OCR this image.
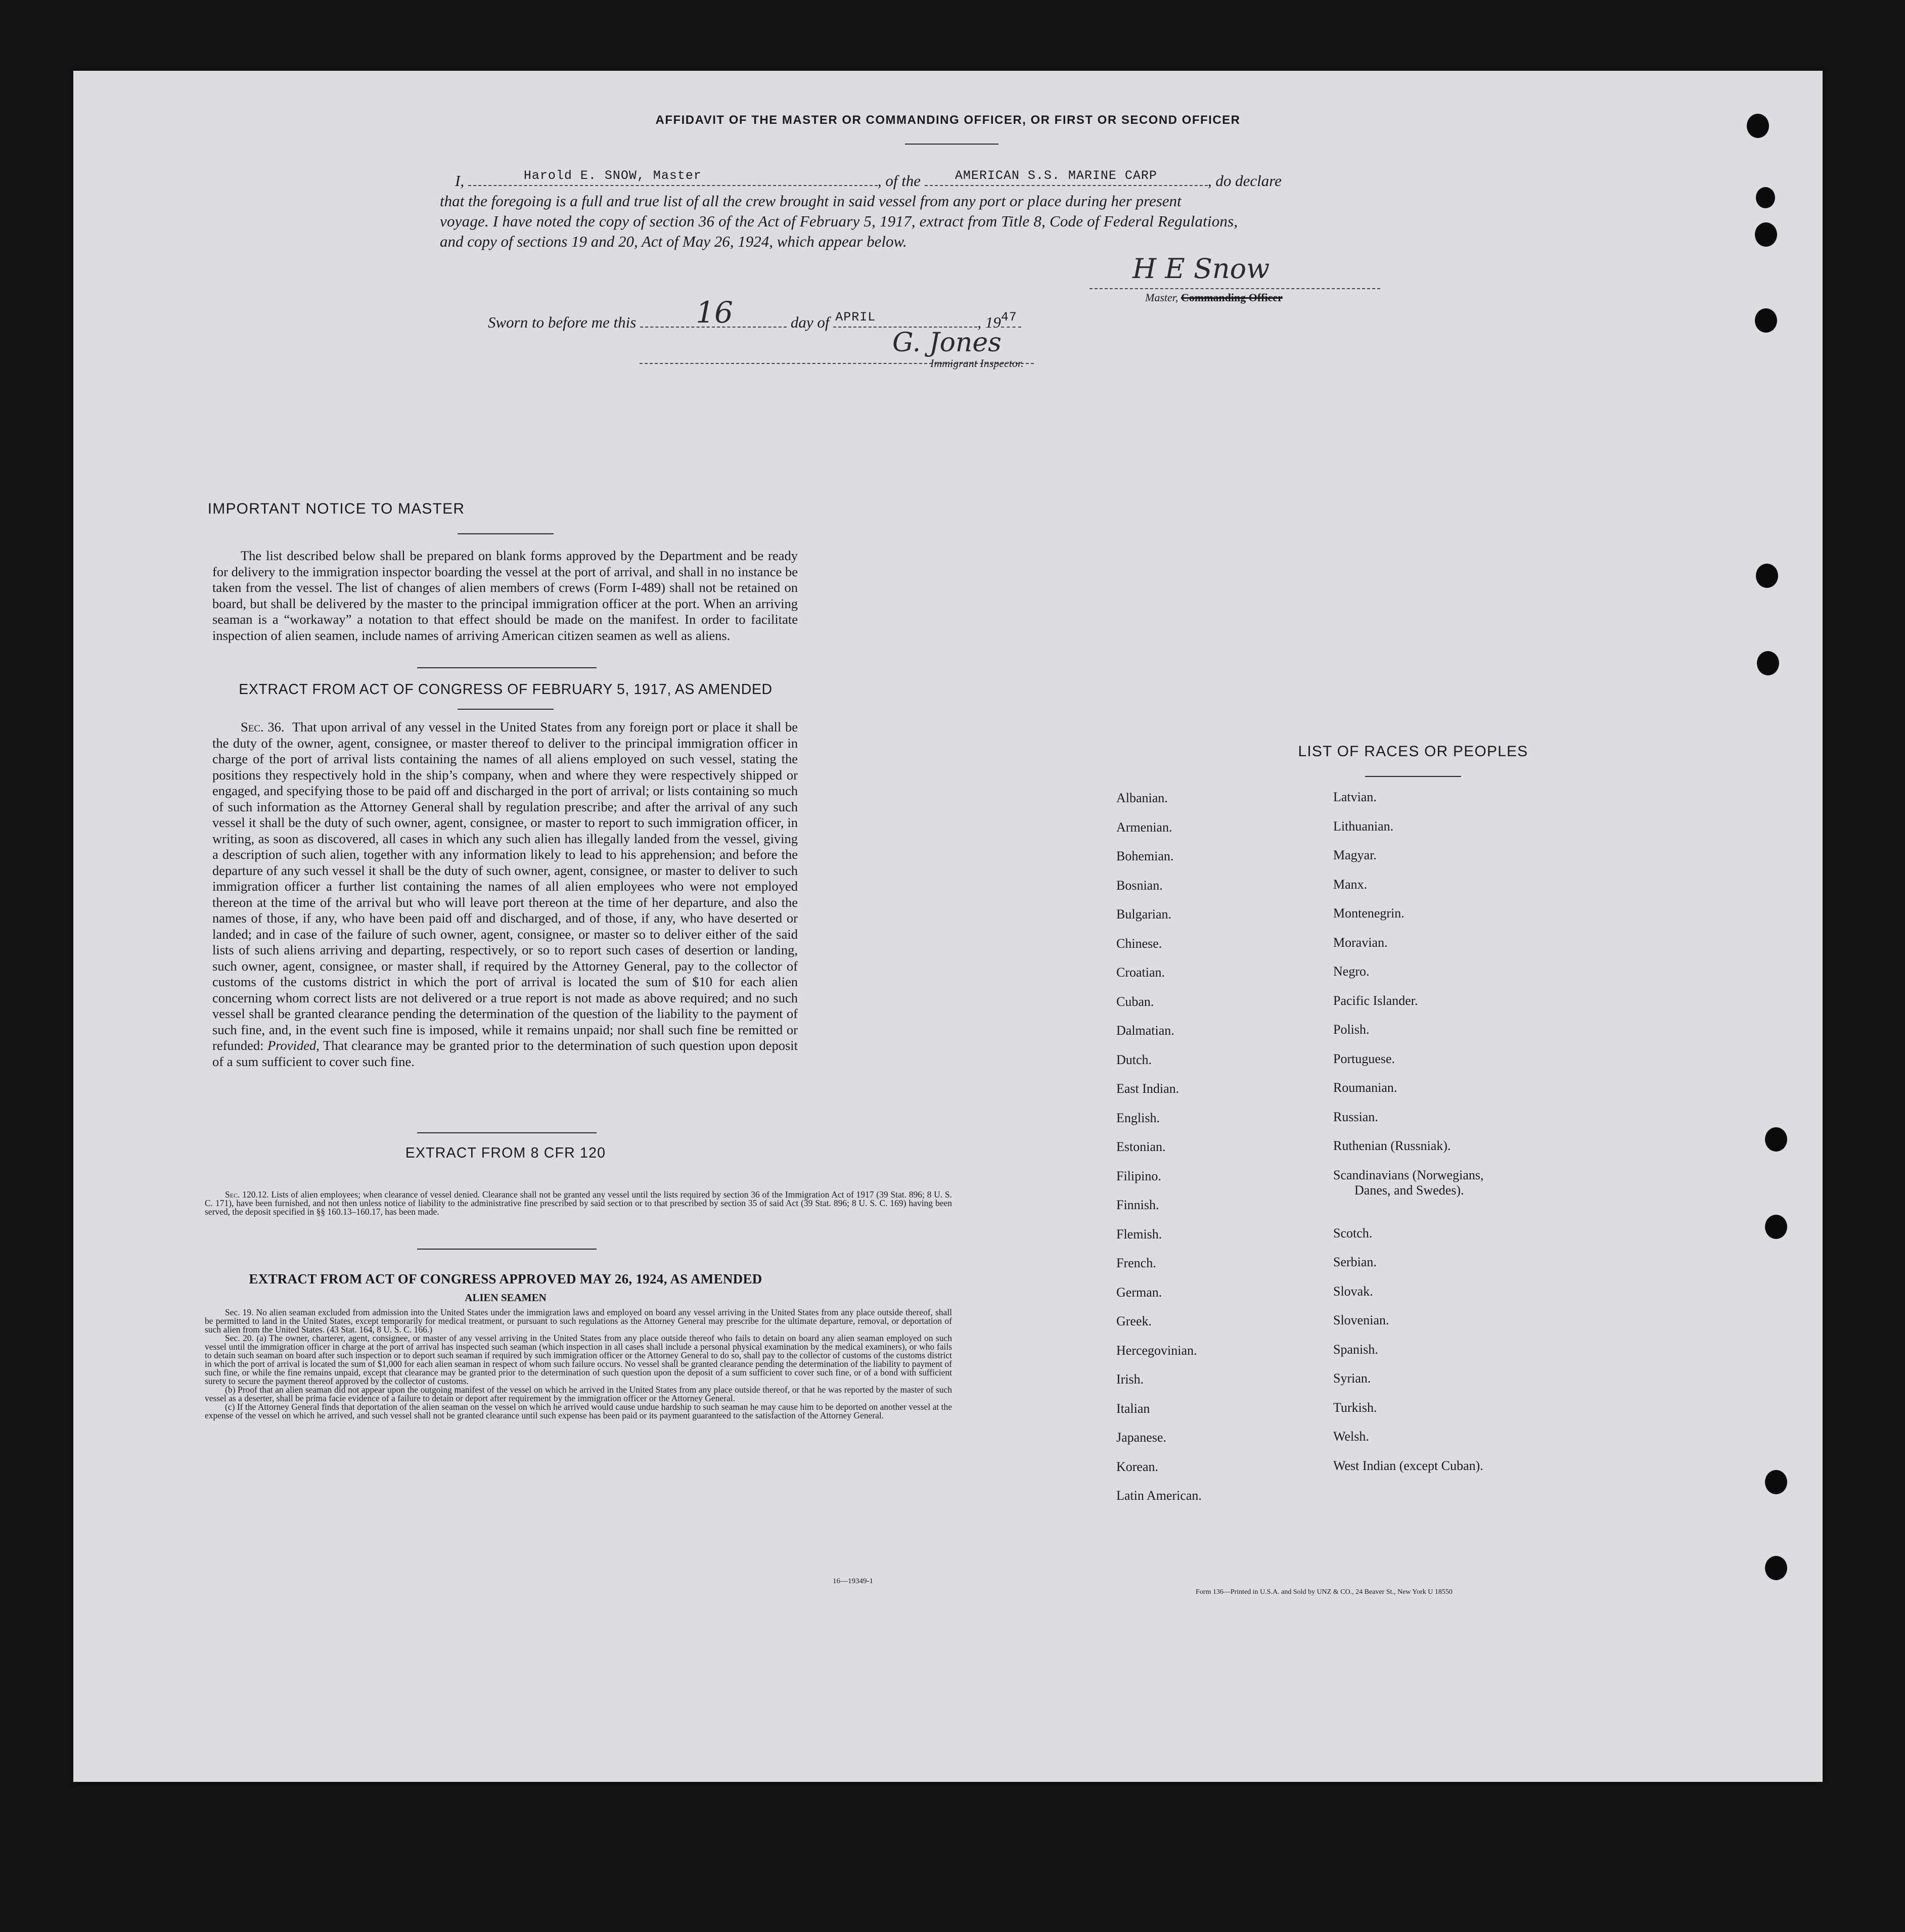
AFFIDAVIT OF THE MASTER OR COMMANDING OFFICER, OR FIRST OR SECOND OFFICER
I,	Harold E. SNOW, Master	, of the	AMERICAN S.S. MARINE CARP	, do declare
that the foregoing is a full and true list of all the crew brought in said vessel from any port or place during her present
voyage. I have noted the copy of section 36 of the Act of February 5, 1917, extract from Title 8, Code of Federal Regulations,
and copy of sections 19 and 20, Act of May 26, 1924, which appear below.
H E Snow
Master, Commanding Officer
Sworn to before me this 16	day of APRIL	, 19 47
G. Jones
Immigrant Inspector.
IMPORTANT NOTICE TO MASTER

The list described below shall be prepared on blank forms approved by the Department and be ready for delivery to the immigration inspector boarding the vessel at the port of arrival, and shall in no instance be taken from the vessel. The list of changes of alien members of crews (Form I-489) shall not be retained on board, but shall be delivered by the master to the principal immigration officer at the port. When an arriving seaman is a “workaway” a notation to that effect should be made on the manifest. In order to facilitate inspection of alien seamen, include names of arriving American citizen seamen as well as aliens.

EXTRACT FROM ACT OF CONGRESS OF FEBRUARY 5, 1917, AS AMENDED

Sec. 36. That upon arrival of any vessel in the United States from any foreign port or place it shall be the duty of the owner, agent, consignee, or master thereof to deliver to the principal immigration officer in charge of the port of arrival lists containing the names of all aliens employed on such vessel, stating the positions they respectively hold in the ship’s company, when and where they were respectively shipped or engaged, and specifying those to be paid off and discharged in the port of arrival; or lists containing so much of such information as the Attorney General shall by regulation prescribe; and after the arrival of any such vessel it shall be the duty of such owner, agent, consignee, or master to report to such immigration officer, in writing, as soon as discovered, all cases in which any such alien has illegally landed from the vessel, giving a description of such alien, together with any information likely to lead to his apprehension; and before the departure of any such vessel it shall be the duty of such owner, agent, consignee, or master to deliver to such immigration officer a further list containing the names of all alien employees who were not employed thereon at the time of the arrival but who will leave port thereon at the time of her departure, and also the names of those, if any, who have been paid off and discharged, and of those, if any, who have deserted or landed; and in case of the failure of such owner, agent, consignee, or master so to deliver either of the said lists of such aliens arriving and departing, respectively, or so to report such cases of desertion or landing, such owner, agent, consignee, or master shall, if required by the Attorney General, pay to the collector of customs of the customs district in which the port of arrival is located the sum of $10 for each alien concerning whom correct lists are not delivered or a true report is not made as above required; and no such vessel shall be granted clearance pending the determination of the question of the liability to the payment of such fine, and, in the event such fine is imposed, while it remains unpaid; nor shall such fine be remitted or refunded: Provided, That clearance may be granted prior to the determination of such question upon deposit of a sum sufficient to cover such fine.

EXTRACT FROM 8 CFR 120

Sec. 120.12. Lists of alien employees; when clearance of vessel denied. Clearance shall not be granted any vessel until the lists required by section 36 of the Immigration Act of 1917 (39 Stat. 896; 8 U. S. C. 171), have been furnished, and not then unless notice of liability to the administrative fine prescribed by said section or to that prescribed by section 35 of said Act (39 Stat. 896; 8 U. S. C. 169) having been served, the deposit specified in §§ 160.13–160.17, has been made.

EXTRACT FROM ACT OF CONGRESS APPROVED MAY 26, 1924, AS AMENDED
ALIEN SEAMEN

Sec. 19. No alien seaman excluded from admission into the United States under the immigration laws and employed on board any vessel arriving in the United States from any place outside thereof, shall be permitted to land in the United States, except temporarily for medical treatment, or pursuant to such regulations as the Attorney General may prescribe for the ultimate departure, removal, or deportation of such alien from the United States. (43 Stat. 164, 8 U. S. C. 166.)

Sec. 20. (a) The owner, charterer, agent, consignee, or master of any vessel arriving in the United States from any place outside thereof who fails to detain on board any alien seaman employed on such vessel until the immigration officer in charge at the port of arrival has inspected such seaman (which inspection in all cases shall include a personal physical examination by the medical examiners), or who fails to detain such seaman on board after such inspection or to deport such seaman if required by such immigration officer or the Attorney General to do so, shall pay to the collector of customs of the customs district in which the port of arrival is located the sum of $1,000 for each alien seaman in respect of whom such failure occurs. No vessel shall be granted clearance pending the determination of the liability to payment of such fine, or while the fine remains unpaid, except that clearance may be granted prior to the determination of such question upon the deposit of a sum sufficient to cover such fine, or of a bond with sufficient surety to secure the payment thereof approved by the collector of customs.

(b) Proof that an alien seaman did not appear upon the outgoing manifest of the vessel on which he arrived in the United States from any place outside thereof, or that he was reported by the master of such vessel as a deserter, shall be prima facie evidence of a failure to detain or deport after requirement by the immigration officer or the Attorney General.

(c) If the Attorney General finds that deportation of the alien seaman on the vessel on which he arrived would cause undue hardship to such seaman he may cause him to be deported on another vessel at the expense of the vessel on which he arrived, and such vessel shall not be granted clearance until such expense has been paid or its payment guaranteed to the satisfaction of the Attorney General.

16—19349-1
LIST OF RACES OR PEOPLES
Albanian.
Armenian.
Bohemian.
Bosnian.
Bulgarian.
Chinese.
Croatian.
Cuban.
Dalmatian.
Dutch.
East Indian.
English.
Estonian.
Filipino.
Finnish.
Flemish.
French.
German.
Greek.
Hercegovinian.
Irish.
Italian
Japanese.
Korean.
Latin American.
Latvian.
Lithuanian.
Magyar.
Manx.
Montenegrin.
Moravian.
Negro.
Pacific Islander.
Polish.
Portuguese.
Roumanian.
Russian.
Ruthenian (Russniak).
Scandinavians (Norwegians,
Danes, and Swedes).
Scotch.
Serbian.
Slovak.
Slovenian.
Spanish.
Syrian.
Turkish.
Welsh.
West Indian (except Cuban).
Form 136—Printed in U.S.A. and Sold by UNZ & CO., 24 Beaver St., New York U 18550
